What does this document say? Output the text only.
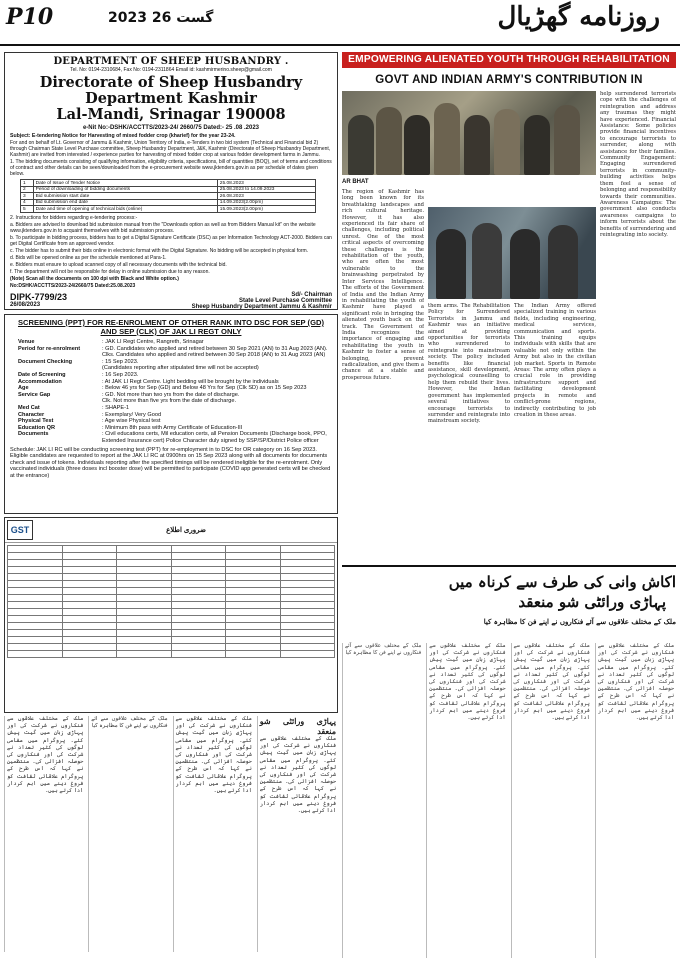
P10	2023 26 گست	روزنامه گهڑیال
DEPARTMENT OF SHEEP HUSBANDRY .
Tel. No: 0194-2310684, Fax No: 0194-2311864 Email id: kashmirmerino.sheep@gmail.com
Directorate of Sheep Husbandry Department Kashmir
Lal-Mandi, Srinagar 190008
e-Nit No:-DSHK/ACCTTS/2023-24/ 2660/75 Dated:- 25 .08 .2023
Subject: E-tendering Notice for Harvesting of mixed fodder crop (kharief) for the year 23-24.
For and on behalf of Lt. Governor of Jammu & Kashmir, Union Territory of India, e-Tenders in two bid system (Technical and Financial bid 2) through Chairman State Level Purchase committee, Sheep Husbandry Department, J&K, Kashmir (Directorate of Sheep Husbandry Department, Kashmir) are invited from interested / experience parties for harvesting of mixed fodder crop at various fodder development farms in Jammu.
1. The bidding documents consisting of qualifying information, eligibility criteria, specifications, bill of quantities (BOQ), set of terms and conditions of contract and other details can be seen/downloaded from the e-procurement website www.jktenders.gov.in as per schedule of dates given below.
1	Date of Issue of Tender Notice	25.08.2023
2	Period of downloading of bidding documents	25.08.2023 to 14.09.2023
3	Bid submission start date	26.08.2023
4	Bid submission end date	14.09.2023(2.00pm)
5	Date and time of opening of technical bids (online)	15.09.2023(2.00pm)
2. Instructions for bidders regarding e-tendering process:-
a. Bidders are advised to download bid submission manual from the "Downloads option as well as from Bidders Manual kit" on the website www.jktenders.gov.in to acquaint themselves with bid submission process.
b. To participate in bidding process, bidders has to get a Digital Signature Certificate (DSC) as per Information Technology ACT-2000. Bidders can get Digital Certificate from an approved vendor.
c. The bidder has to submit their bids online in electronic format with the Digital Signature. No bidding will be accepted in physical form.
d. Bids will be opened online as per the schedule mentioned at Para-1.
e. Bidders must ensure to upload scanned copy of all necessary documents with the technical bid.
f. The department will not be responsible for delay in online submission due to any reason.
(Note) Scan all the documents on 100 dpi with Black and White option.)
No:DSHK/ACCTTS/2023-24/2660/75 Dated:25.08.2023
DIPK-7799/23
26/08/2023
Sd/- Chairman
State Level Purchase Committee
Sheep Husbandry Department Jammu & Kashmir
SCREENING (PPT) FOR RE-ENROLMENT OF OTHER RANK INTO DSC FOR SEP (GD)
AND SEP (CLK) OF JAK LI REGT ONLY
Venue	: JAK LI Regt Centre, Rangreth, Srinagar
Period for re-enrolment	: GD. Candidates who applied and retired between 30 Sep 2021 (AN) to 31 Aug 2023 (AN).
Clks. Candidates who applied and retired between 30 Sep 2018 (AN) to 31 Aug 2023 (AN)
Document Checking	: 15 Sep 2023.
(Candidates reporting after stipulated time will not be accepted)
Date of Screening	: 16 Sep 2023.
Accommodation	: At JAK LI Regt Centre. Light bedding will be brought by the individuals
Age	: Below 46 yrs for Sep (GD) and Below 48 Yrs for Sep (Clk SD) as on 15 Sep 2023
Service Gap	: GD. Not more than two yrs from the date of discharge.
Clk. Not more than five yrs from the date of discharge.
Med Cat	: SHAPE-1
Character	: Exemplary/ Very Good
Physical Test	: Age wise Physical test
Education QR	: Minimum 8th pass with Army Certificate of Education-III
Documents	: Civil educations certs, Mil education certs, all Pension Documents (Discharge book, PPO, Extended Insurance cert) Police Character duly signed by SSP/SP/District Police officer
Schedule: JAK LI RC will be conducting screening test (PPT) for re-employment in to DSC for OR category on 16 Sep 2023. Eligible candidates are requested to report at the JAK LI RC at 0900hrs on 15 Sep 2023 along with all documents for documents check and issue of tokens. Individuals reporting after the specified timings will be rendered ineligible for the re-enrolment. Only vaccinated individuals (three doses incl booster dose) will be permitted to participate (COVID app generated certs will be checked at the entrance)
GST	ضروری اطلاع

پہاڑی ورائٹی شو منعقد
ملک کے مختلف علاقوں سے فنکاروں نے شرکت کی اور پہاڑی زبان میں گیت پیش کئے۔ پروگرام میں مقامی لوگوں کی کثیر تعداد نے شرکت کی اور فنکاروں کی حوصلہ افزائی کی۔ منتظمین نے کہا کہ اس طرح کے پروگرام علاقائی ثقافت کو فروغ دینے میں اہم کردار ادا کرتے ہیں۔
ملک کے مختلف علاقوں سے فنکاروں نے شرکت کی اور پہاڑی زبان میں گیت پیش کئے۔ پروگرام میں مقامی لوگوں کی کثیر تعداد نے شرکت کی اور فنکاروں کی حوصلہ افزائی کی۔ منتظمین نے کہا کہ اس طرح کے پروگرام علاقائی ثقافت کو فروغ دینے میں اہم کردار ادا کرتے ہیں۔
ملک کے مختلف علاقوں سے آئے فنکاروں نے اپنے فن کا مظاہرہ کیا
ملک کے مختلف علاقوں سے فنکاروں نے شرکت کی اور پہاڑی زبان میں گیت پیش کئے۔ پروگرام میں مقامی لوگوں کی کثیر تعداد نے شرکت کی اور فنکاروں کی حوصلہ افزائی کی۔ منتظمین نے کہا کہ اس طرح کے پروگرام علاقائی ثقافت کو فروغ دینے میں اہم کردار ادا کرتے ہیں۔
EMPOWERING ALIENATED YOUTH THROUGH REHABILITATION
GOVT AND INDIAN ARMY'S CONTRIBUTION IN
AR BHAT
The region of Kashmir has long been known for its breathtaking landscapes and rich cultural heritage. However, it has also experienced its fair share of challenges, including political unrest. One of the most critical aspects of overcoming these challenges is the rehabilitation of the youth, who are often the most vulnerable to the brainwashing perpetrated by Inter Services Intelligence. The efforts of the Government of India and the Indian Army in rehabilitating the youth of Kashmir have played a significant role in bringing the alienated youth back on the track. The Government of India recognizes the importance of engaging and rehabilitating the youth in Kashmir to foster a sense of belonging, prevent radicalization, and give them a chance at a stable and prosperous future.
them arms. The Rehabilitation Policy for Surrendered Terrorists in Jammu and Kashmir was an initiative aimed at providing opportunities for terrorists who surrendered to reintegrate into mainstream society. The policy included benefits like financial assistance, skill development, psychological counselling to help them rebuild their lives. However, the Indian government has implemented several initiatives to encourage terrorists to surrender and reintegrate into mainstream society.
The Indian Army offered specialized training in various fields, including engineering, medical services, communication and sports. This training equips individuals with skills that are valuable not only within the Army but also in the civilian job market. Sports in Remote Areas: The army often plays a crucial role in providing infrastructure support and facilitating development projects in remote and conflict-prone regions, indirectly contributing to job creation in these areas.
help surrendered terrorists cope with the challenges of reintegration and address any traumas they might have experienced. Financial Assistance: Some policies provide financial incentives to encourage terrorists to surrender, along with assistance for their families. Community Engagement: Engaging surrendered terrorists in community-building activities helps them feel a sense of belonging and responsibility towards their communities. Awareness Campaigns: The government also conducts awareness campaigns to inform terrorists about the benefits of surrendering and reintegrating into society.
اکاش وانی کی طرف سے کرناہ میں
پہاڑی ورائٹی شو منعقد
ملک کے مختلف علاقوں سے آئے فنکاروں نے اپنے فن کا مظاہرہ کیا
ملک کے مختلف علاقوں سے فنکاروں نے شرکت کی اور پہاڑی زبان میں گیت پیش کئے۔ پروگرام میں مقامی لوگوں کی کثیر تعداد نے شرکت کی اور فنکاروں کی حوصلہ افزائی کی۔ منتظمین نے کہا کہ اس طرح کے پروگرام علاقائی ثقافت کو فروغ دینے میں اہم کردار ادا کرتے ہیں۔
ملک کے مختلف علاقوں سے فنکاروں نے شرکت کی اور پہاڑی زبان میں گیت پیش کئے۔ پروگرام میں مقامی لوگوں کی کثیر تعداد نے شرکت کی اور فنکاروں کی حوصلہ افزائی کی۔ منتظمین نے کہا کہ اس طرح کے پروگرام علاقائی ثقافت کو فروغ دینے میں اہم کردار ادا کرتے ہیں۔
ملک کے مختلف علاقوں سے فنکاروں نے شرکت کی اور پہاڑی زبان میں گیت پیش کئے۔ پروگرام میں مقامی لوگوں کی کثیر تعداد نے شرکت کی اور فنکاروں کی حوصلہ افزائی کی۔ منتظمین نے کہا کہ اس طرح کے پروگرام علاقائی ثقافت کو فروغ دینے میں اہم کردار ادا کرتے ہیں۔
ملک کے مختلف علاقوں سے آئے فنکاروں نے اپنے فن کا مظاہرہ کیا
